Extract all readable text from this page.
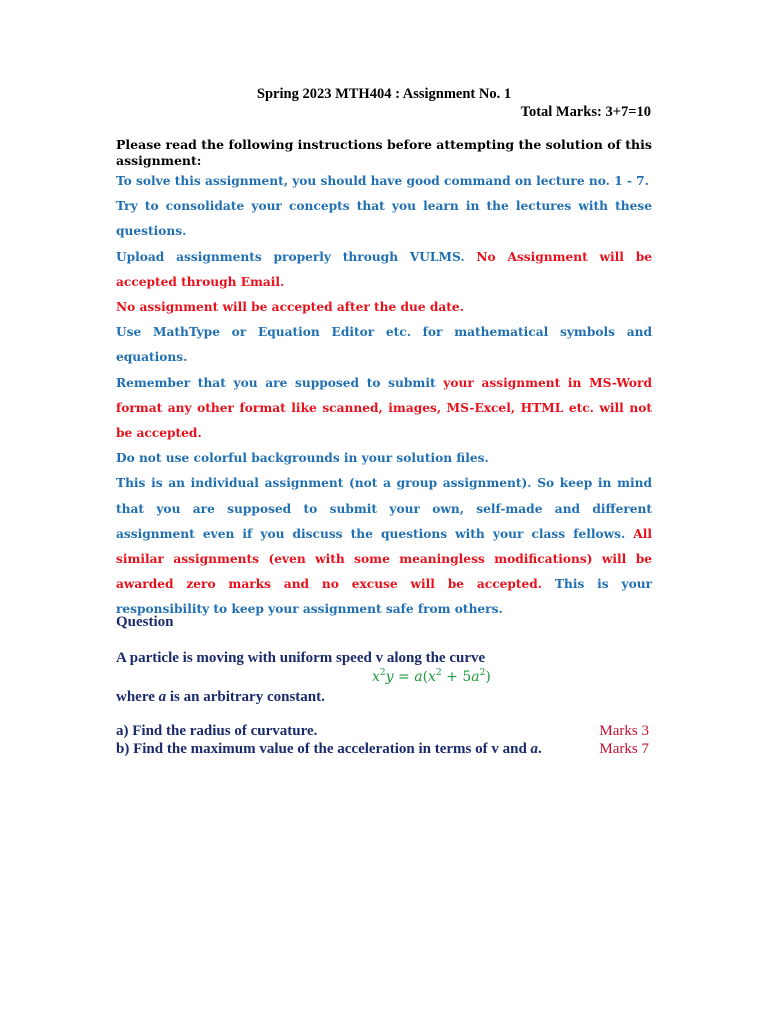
Spring 2023 MTH404 : Assignment No. 1
Total Marks: 3+7=10
Please read the following instructions before attempting the solution of this assignment:

To solve this assignment, you should have good command on lecture no. 1 - 7.

Try to consolidate your concepts that you learn in the lectures with these questions.

Upload assignments properly through VULMS. No Assignment will be accepted through Email.

No assignment will be accepted after the due date.

Use MathType or Equation Editor etc. for mathematical symbols and equations.

Remember that you are supposed to submit your assignment in MS-Word format any other format like scanned, images, MS-Excel, HTML etc. will not be accepted.

Do not use colorful backgrounds in your solution files.

This is an individual assignment (not a group assignment). So keep in mind that you are supposed to submit your own, self-made and different assignment even if you discuss the questions with your class fellows. All similar assignments (even with some meaningless modifications) will be awarded zero marks and no excuse will be accepted. This is your responsibility to keep your assignment safe from others.

Question
A particle is moving with uniform speed v along the curve
$x^2y = a(x^2 + 5a^2)$
where a is an arbitrary constant.
a) Find the radius of curvature.	Marks 3
b) Find the maximum value of the acceleration in terms of v and a.	Marks 7
